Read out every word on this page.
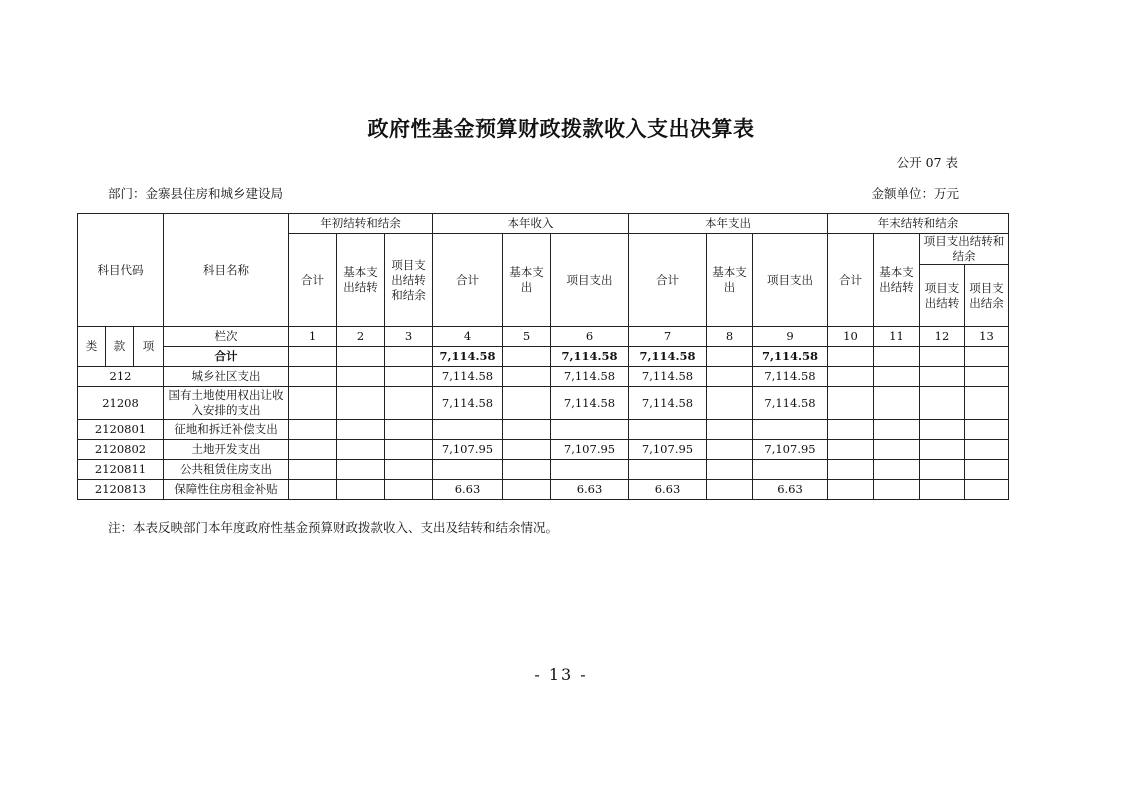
政府性基金预算财政拨款收入支出决算表
公开 07 表
部门：金寨县住房和城乡建设局	金额单位：万元
科目代码			科目名称	年初结转和结余			本年收入			本年支出			年末结转和结余			
				合计	基本支出结转	项目支出结转和结余	合计	基本支出	项目支出	合计	基本支出	项目支出	合计	基本支出结转	项目支出结转和结余	
															项目支出结转	项目支出结余
类	款	项	栏次	1	2	3	4	5	6	7	8	9	10	11	12	13
			合计				7,114.58		7,114.58	7,114.58		7,114.58				
212			城乡社区支出				7,114.58		7,114.58	7,114.58		7,114.58				
21208			国有土地使用权出让收入安排的支出				7,114.58		7,114.58	7,114.58		7,114.58				
2120801			征地和拆迁补偿支出													
2120802			土地开发支出				7,107.95		7,107.95	7,107.95		7,107.95				
2120811			公共租赁住房支出													
2120813			保障性住房租金补贴				6.63		6.63	6.63		6.63				
注：本表反映部门本年度政府性基金预算财政拨款收入、支出及结转和结余情况。
- 13 -
